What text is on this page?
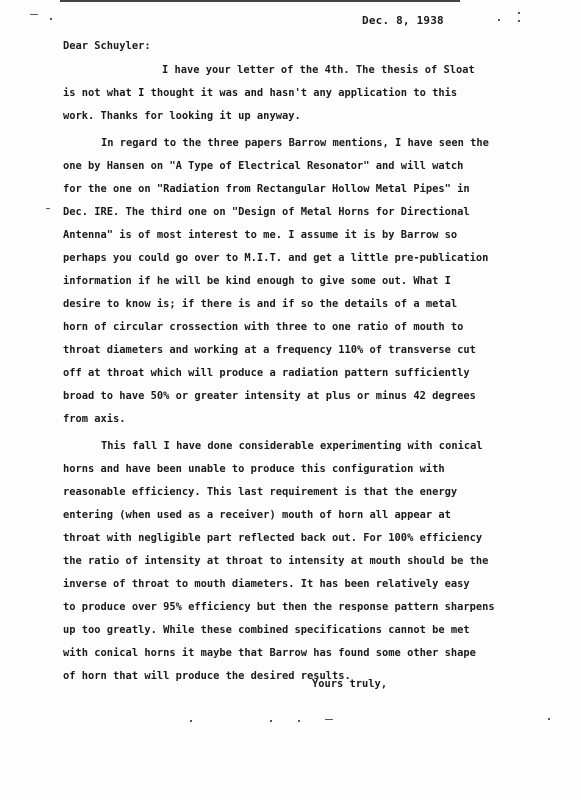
Dec. 8, 1938
Dear Schuyler:
I have your letter of the 4th. The thesis of Sloat
is not what I thought it was and hasn't any application to this
work. Thanks for looking it up anyway.
In regard to the three papers Barrow mentions, I have seen the
one by Hansen on "A Type of Electrical Resonator" and will watch
for the one on "Radiation from Rectangular Hollow Metal Pipes" in
Dec. IRE. The third one on "Design of Metal Horns for Directional
Antenna" is of most interest to me. I assume it is by Barrow so
perhaps you could go over to M.I.T. and get a little pre-publication
information if he will be kind enough to give some out. What I
desire to know is; if there is and if so the details of a metal
horn of circular crossection with three to one ratio of mouth to
throat diameters and working at a frequency 110% of transverse cut
off at throat which will produce a radiation pattern sufficiently
broad to have 50% or greater intensity at plus or minus 42 degrees
from axis.
This fall I have done considerable experimenting with conical
horns and have been unable to produce this configuration with
reasonable efficiency. This last requirement is that the energy
entering (when used as a receiver) mouth of horn all appear at
throat with negligible part reflected back out. For 100% efficiency
the ratio of intensity at throat to intensity at mouth should be the
inverse of throat to mouth diameters. It has been relatively easy
to produce over 95% efficiency but then the response pattern sharpens
up too greatly. While these combined specifications cannot be met
with conical horns it maybe that Barrow has found some other shape
of horn that will produce the desired results.
Yours truly,
